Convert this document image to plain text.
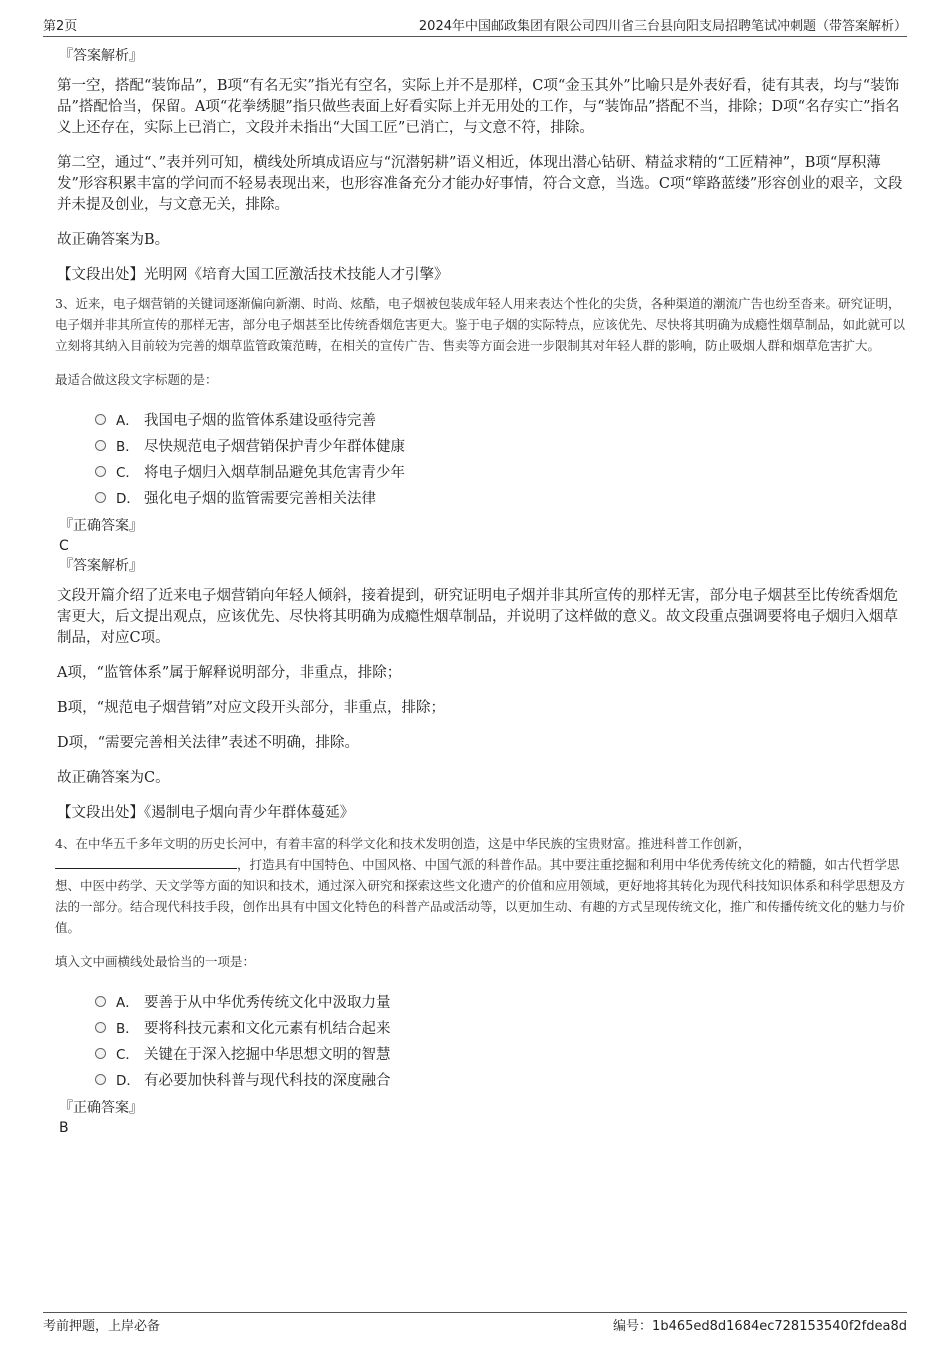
第2页	2024年中国邮政集团有限公司四川省三台县向阳支局招聘笔试冲刺题（带答案解析）
『答案解析』
第一空，搭配“装饰品”，B项“有名无实”指光有空名，实际上并不是那样，C项“金玉其外”比喻只是外表好看，徒有其表，均与“装饰品”搭配恰当，保留。A项“花拳绣腿”指只做些表面上好看实际上并无用处的工作，与“装饰品”搭配不当，排除；D项“名存实亡”指名义上还存在，实际上已消亡，文段并未指出“大国工匠”已消亡，与文意不符，排除。
第二空，通过“、”表并列可知，横线处所填成语应与“沉潜躬耕”语义相近，体现出潜心钻研、精益求精的“工匠精神”，B项“厚积薄发”形容积累丰富的学问而不轻易表现出来，也形容准备充分才能办好事情，符合文意，当选。C项“筚路蓝缕”形容创业的艰辛，文段并未提及创业，与文意无关，排除。
故正确答案为B。
【文段出处】光明网《培育大国工匠激活技术技能人才引擎》
3、近来，电子烟营销的关键词逐渐偏向新潮、时尚、炫酷，电子烟被包装成年轻人用来表达个性化的尖货，各种渠道的潮流广告也纷至沓来。研究证明，电子烟并非其所宣传的那样无害，部分电子烟甚至比传统香烟危害更大。鉴于电子烟的实际特点，应该优先、尽快将其明确为成瘾性烟草制品，如此就可以立刻将其纳入目前较为完善的烟草监管政策范畴，在相关的宣传广告、售卖等方面会进一步限制其对年轻人群的影响，防止吸烟人群和烟草危害扩大。
最适合做这段文字标题的是：
A． 我国电子烟的监管体系建设亟待完善
B． 尽快规范电子烟营销保护青少年群体健康
C． 将电子烟归入烟草制品避免其危害青少年
D． 强化电子烟的监管需要完善相关法律
『正确答案』
C
『答案解析』
文段开篇介绍了近来电子烟营销向年轻人倾斜，接着提到，研究证明电子烟并非其所宣传的那样无害，部分电子烟甚至比传统香烟危害更大，后文提出观点，应该优先、尽快将其明确为成瘾性烟草制品，并说明了这样做的意义。故文段重点强调要将电子烟归入烟草制品，对应C项。
A项，“监管体系”属于解释说明部分，非重点，排除；
B项，“规范电子烟营销”对应文段开头部分，非重点，排除；
D项，“需要完善相关法律”表述不明确，排除。
故正确答案为C。
【文段出处】《遏制电子烟向青少年群体蔓延》
4、在中华五千多年文明的历史长河中，有着丰富的科学文化和技术发明创造，这是中华民族的宝贵财富。推进科普工作创新，
，打造具有中国特色、中国风格、中国气派的科普作品。其中要注重挖掘和利用中华优秀传统文化的精髓，如古代哲学思想、中医中药学、天文学等方面的知识和技术，通过深入研究和探索这些文化遗产的价值和应用领域，更好地将其转化为现代科技知识体系和科学思想及方法的一部分。结合现代科技手段，创作出具有中国文化特色的科普产品或活动等，以更加生动、有趣的方式呈现传统文化，推广和传播传统文化的魅力与价值。
填入文中画横线处最恰当的一项是：
A． 要善于从中华优秀传统文化中汲取力量
B． 要将科技元素和文化元素有机结合起来
C． 关键在于深入挖掘中华思想文明的智慧
D． 有必要加快科普与现代科技的深度融合
『正确答案』
B
考前押题，上岸必备	编号：1b465ed8d1684ec728153540f2fdea8d
